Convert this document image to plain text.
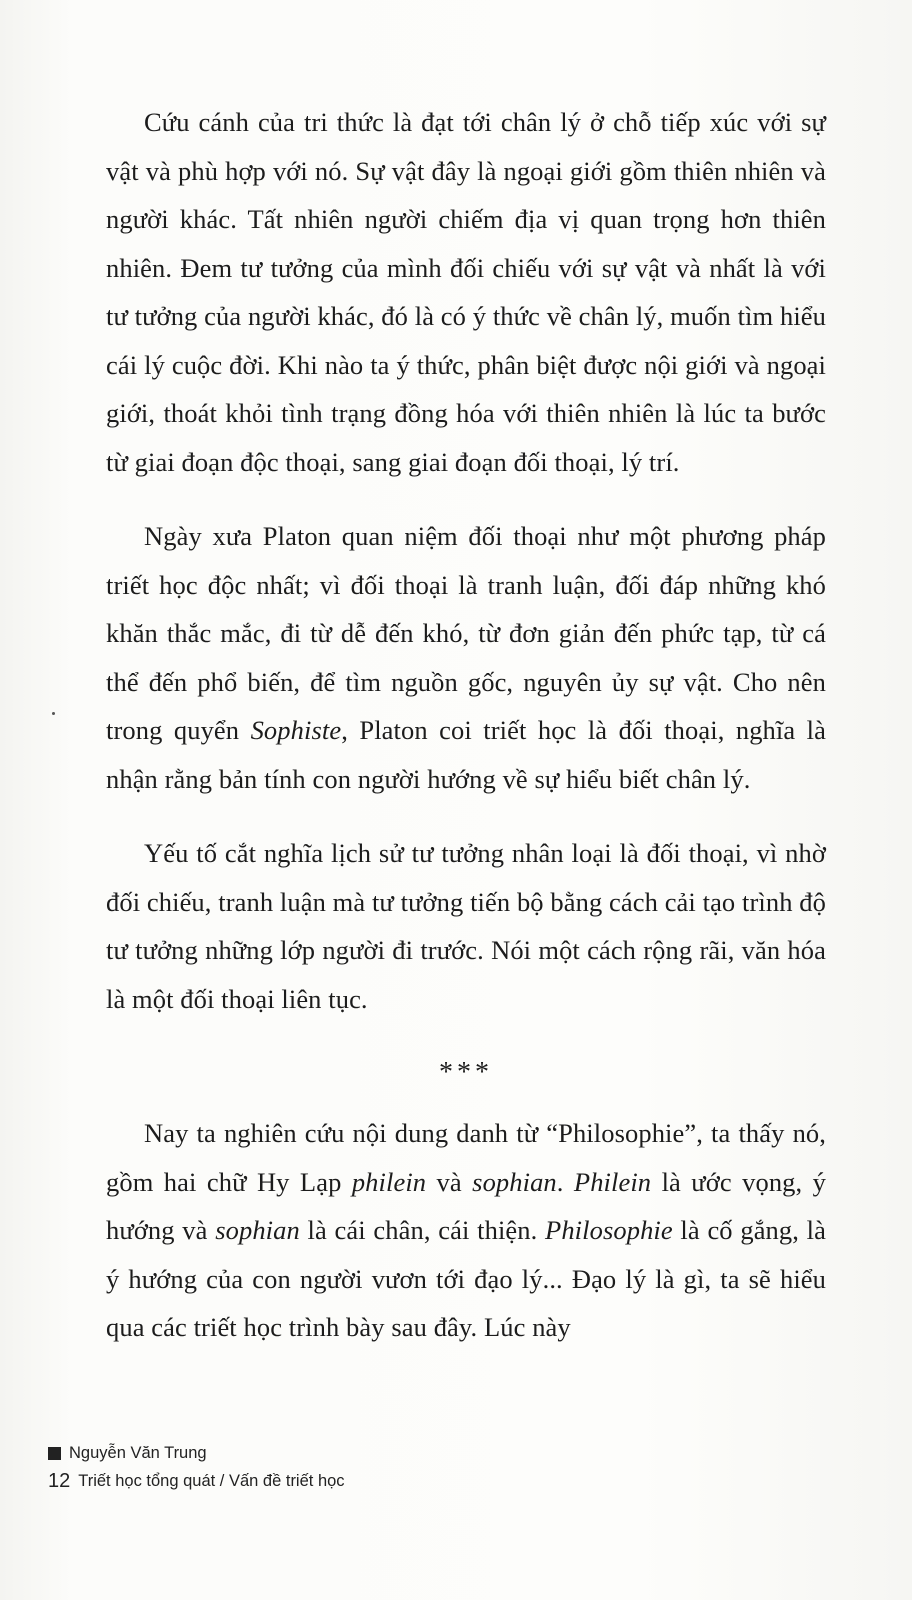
Cứu cánh của tri thức là đạt tới chân lý ở chỗ tiếp xúc với sự vật và phù hợp với nó. Sự vật đây là ngoại giới gồm thiên nhiên và người khác. Tất nhiên người chiếm địa vị quan trọng hơn thiên nhiên. Đem tư tưởng của mình đối chiếu với sự vật và nhất là với tư tưởng của người khác, đó là có ý thức về chân lý, muốn tìm hiểu cái lý cuộc đời. Khi nào ta ý thức, phân biệt được nội giới và ngoại giới, thoát khỏi tình trạng đồng hóa với thiên nhiên là lúc ta bước từ giai đoạn độc thoại, sang giai đoạn đối thoại, lý trí.

Ngày xưa Platon quan niệm đối thoại như một phương pháp triết học độc nhất; vì đối thoại là tranh luận, đối đáp những khó khăn thắc mắc, đi từ dễ đến khó, từ đơn giản đến phức tạp, từ cá thể đến phổ biến, để tìm nguồn gốc, nguyên ủy sự vật. Cho nên trong quyển Sophiste, Platon coi triết học là đối thoại, nghĩa là nhận rằng bản tính con người hướng về sự hiểu biết chân lý.

Yếu tố cắt nghĩa lịch sử tư tưởng nhân loại là đối thoại, vì nhờ đối chiếu, tranh luận mà tư tưởng tiến bộ bằng cách cải tạo trình độ tư tưởng những lớp người đi trước. Nói một cách rộng rãi, văn hóa là một đối thoại liên tục.

***

Nay ta nghiên cứu nội dung danh từ “Philosophie”, ta thấy nó, gồm hai chữ Hy Lạp philein và sophian. Philein là ước vọng, ý hướng và sophian là cái chân, cái thiện. Philosophie là cố gắng, là ý hướng của con người vươn tới đạo lý... Đạo lý là gì, ta sẽ hiểu qua các triết học trình bày sau đây. Lúc này

Nguyễn Văn Trung
12 Triết học tổng quát / Vấn đề triết học
